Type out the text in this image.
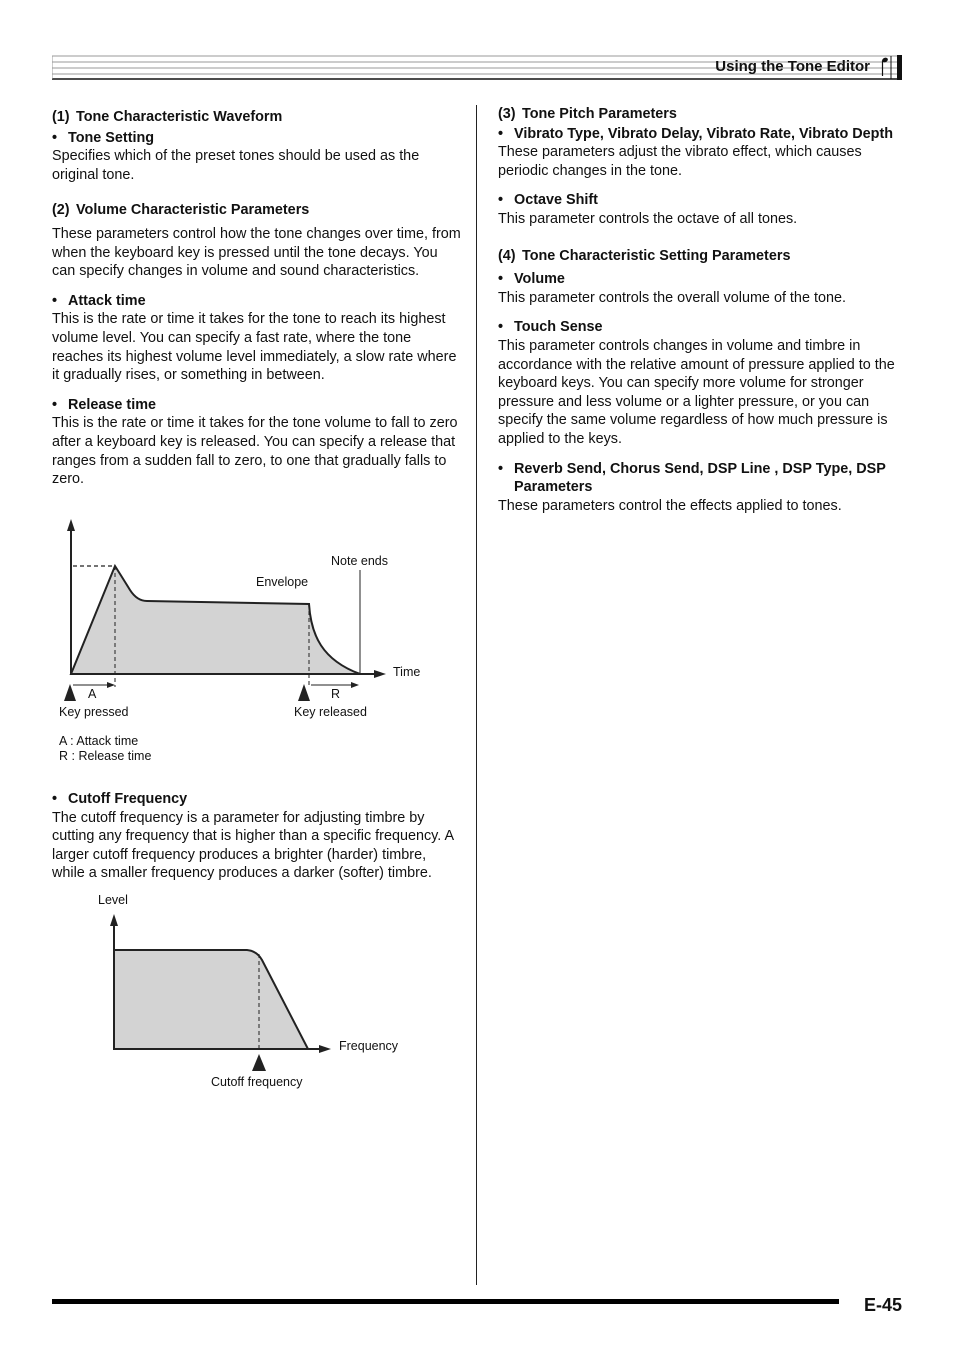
Using the Tone Editor
(1) Tone Characteristic Waveform
• Tone Setting

Specifies which of the preset tones should be used as the original tone.

(2) Volume Characteristic Parameters

These parameters control how the tone changes over time, from when the keyboard key is pressed until the tone decays. You can specify changes in volume and sound characteristics.

• Attack time

This is the rate or time it takes for the tone to reach its highest volume level. You can specify a fast rate, where the tone reaches its highest volume level immediately, a slow rate where it gradually rises, or something in between.

• Release time

This is the rate or time it takes for the tone volume to fall to zero after a keyboard key is released. You can specify a release that ranges from a sudden fall to zero, to one that gradually falls to zero.

Note ends
Envelope
Time
A	R
Key pressed	Key released
A : Attack time
R : Release time
• Cutoff Frequency

The cutoff frequency is a parameter for adjusting timbre by cutting any frequency that is higher than a specific frequency. A larger cutoff frequency produces a brighter (harder) timbre, while a smaller frequency produces a darker (softer) timbre.

Level
Frequency
Cutoff frequency
(3) Tone Pitch Parameters
• Vibrato Type, Vibrato Delay, Vibrato Rate, Vibrato Depth

These parameters adjust the vibrato effect, which causes periodic changes in the tone.

• Octave Shift

This parameter controls the octave of all tones.

(4) Tone Characteristic Setting Parameters
• Volume

This parameter controls the overall volume of the tone.

• Touch Sense

This parameter controls changes in volume and timbre in accordance with the relative amount of pressure applied to the keyboard keys. You can specify more volume for stronger pressure and less volume or a lighter pressure, or you can specify the same volume regardless of how much pressure is applied to the keys.

• Reverb Send, Chorus Send, DSP Line , DSP Type, DSP Parameters

These parameters control the effects applied to tones.

E-45
